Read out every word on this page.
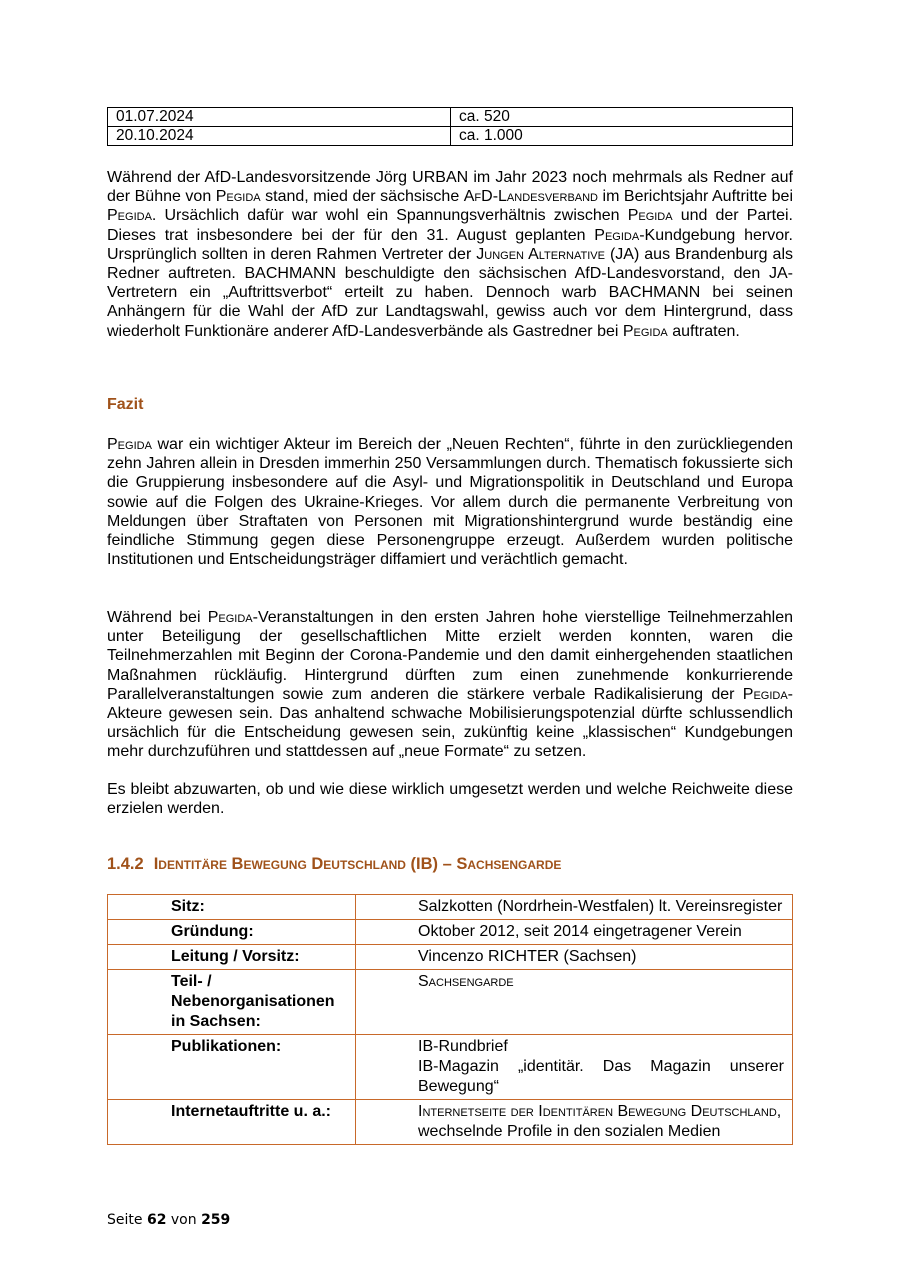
01.07.2024	ca. 520
20.10.2024	ca. 1.000

Während der AfD-Landesvorsitzende Jörg URBAN im Jahr 2023 noch mehrmals als Redner auf der Bühne von Pegida stand, mied der sächsische AfD-Landesverband im Berichtsjahr Auftritte bei Pegida. Ursächlich dafür war wohl ein Spannungsverhältnis zwischen Pegida und der Partei. Dieses trat insbesondere bei der für den 31. August geplanten Pegida-Kundgebung hervor. Ursprünglich sollten in deren Rahmen Vertreter der Jungen Alternative (JA) aus Brandenburg als Redner auftreten. BACHMANN beschuldigte den sächsischen AfD-Landesvorstand, den JA-Vertretern ein „Auftrittsverbot“ erteilt zu haben. Dennoch warb BACHMANN bei seinen Anhängern für die Wahl der AfD zur Landtagswahl, gewiss auch vor dem Hintergrund, dass wiederholt Funktionäre anderer AfD-Landesverbände als Gastredner bei Pegida auftraten.

Fazit

Pegida war ein wichtiger Akteur im Bereich der „Neuen Rechten“, führte in den zurückliegenden zehn Jahren allein in Dresden immerhin 250 Versammlungen durch. Thematisch fokussierte sich die Gruppierung insbesondere auf die Asyl- und Migrationspolitik in Deutschland und Europa sowie auf die Folgen des Ukraine-Krieges. Vor allem durch die permanente Verbreitung von Meldungen über Straftaten von Personen mit Migrationshintergrund wurde beständig eine feindliche Stimmung gegen diese Personengruppe erzeugt. Außerdem wurden politische Institutionen und Entscheidungsträger diffamiert und verächtlich gemacht.

Während bei Pegida-Veranstaltungen in den ersten Jahren hohe vierstellige Teilnehmerzahlen unter Beteiligung der gesellschaftlichen Mitte erzielt werden konnten, waren die Teilnehmerzahlen mit Beginn der Corona-Pandemie und den damit einhergehenden staatlichen Maßnahmen rückläufig. Hintergrund dürften zum einen zunehmende konkurrierende Parallelveranstaltungen sowie zum anderen die stärkere verbale Radikalisierung der Pegida-Akteure gewesen sein. Das anhaltend schwache Mobilisierungspotenzial dürfte schlussendlich ursächlich für die Entscheidung gewesen sein, zukünftig keine „klassischen“ Kundgebungen mehr durchzuführen und stattdessen auf „neue Formate“ zu setzen.

Es bleibt abzuwarten, ob und wie diese wirklich umgesetzt werden und welche Reichweite diese erzielen werden.

1.4.2 Identitäre Bewegung Deutschland (IB) – Sachsengarde
Sitz:	Salzkotten (Nordrhein-Westfalen) lt. Vereinsregister
Gründung:	Oktober 2012, seit 2014 eingetragener Verein
Leitung / Vorsitz:	Vincenzo RICHTER (Sachsen)

Teil- /
Nebenorganisationen
in Sachsen:	Sachsengarde
Publikationen:	IB-Rundbrief
IB-Magazin „identitär. Das Magazin unserer Bewegung“

Internetauftritte u. a.:	Internetseite der Identitären Bewegung Deutschland,
wechselnde Profile in den sozialen Medien
Seite 62 von 259
